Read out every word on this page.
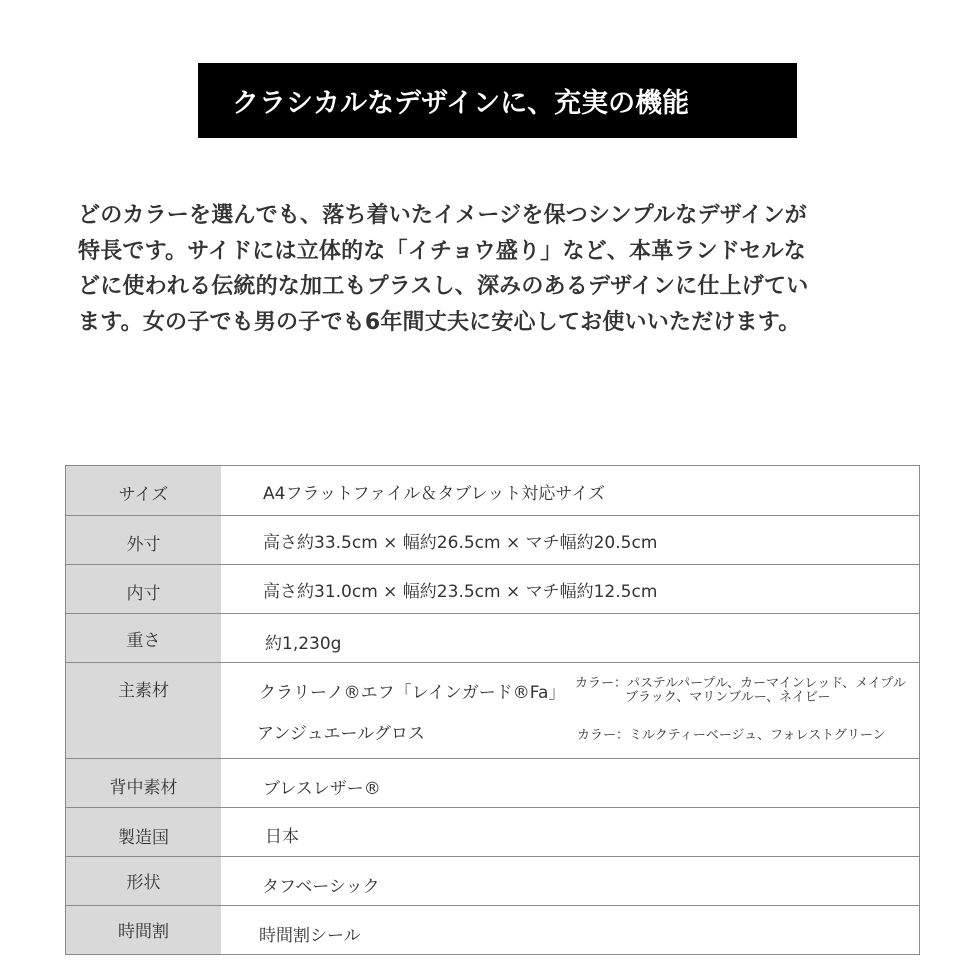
クラシカルなデザインに、充実の機能

どのカラーを選んでも、落ち着いたイメージを保つシンプルなデザインが
特長です。サイドには立体的な「イチョウ盛り」など、本革ランドセルな
どに使われる伝統的な加工もプラスし、深みのあるデザインに仕上げてい
ます。女の子でも男の子でも6年間丈夫に安心してお使いいただけます。

サイズ	A4フラットファイル＆タブレット対応サイズ
外寸	高さ約33.5cm × 幅約26.5cm × マチ幅約20.5cm
内寸	高さ約31.0cm × 幅約23.5cm × マチ幅約12.5cm
重さ	約1,230g
主素材	クラリーノ®エフ「レインガード®Fa」 カラー：パステルパープル、カーマインレッド、メイプル
ブラック、マリンブルー、ネイビー
アンジュエールグロス	カラー：ミルクティーベージュ、フォレストグリーン
背中素材	ブレスレザー®
製造国	日本
形状	タフベーシック
時間割	時間割シール
